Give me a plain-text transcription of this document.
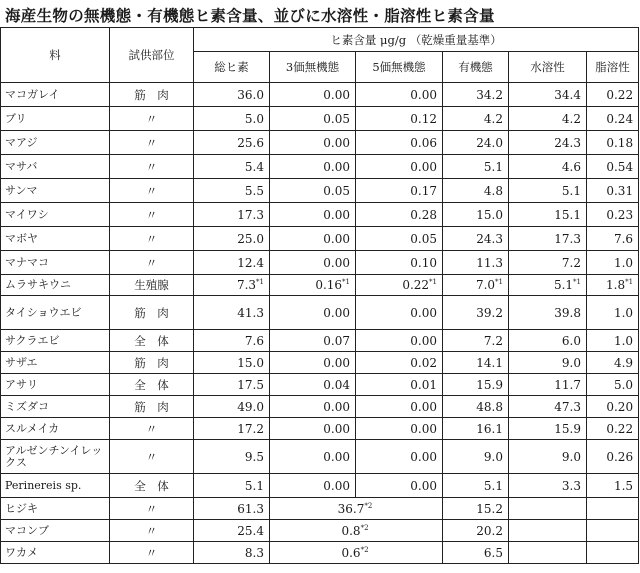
海産生物の無機態・有機態ヒ素含量、並びに水溶性・脂溶性ヒ素含量
料	試供部位	ヒ素含量 μg/g （乾燥重量基準）					
		総ヒ素	3価無機態	5価無機態	有機態	水溶性	脂溶性
マコガレイ	筋　肉	36.0	0.00	0.00	34.2	34.4	0.22
ブリ	〃	5.0	0.05	0.12	4.2	4.2	0.24
マアジ	〃	25.6	0.00	0.06	24.0	24.3	0.18
マサバ	〃	5.4	0.00	0.00	5.1	4.6	0.54
サンマ	〃	5.5	0.05	0.17	4.8	5.1	0.31
マイワシ	〃	17.3	0.00	0.28	15.0	15.1	0.23
マボヤ	〃	25.0	0.00	0.05	24.3	17.3	7.6
マナマコ	〃	12.4	0.00	0.10	11.3	7.2	1.0
ムラサキウニ	生殖腺	7.3$^{*1}$	0.16$^{*1}$	0.22$^{*1}$	7.0$^{*1}$	5.1$^{*1}$	1.8$^{*1}$
タイショウエビ	筋　肉	41.3	0.00	0.00	39.2	39.8	1.0
サクラエビ	全　体	7.6	0.07	0.00	7.2	6.0	1.0
サザエ	筋　肉	15.0	0.00	0.02	14.1	9.0	4.9
アサリ	全　体	17.5	0.04	0.01	15.9	11.7	5.0
ミズダコ	筋　肉	49.0	0.00	0.00	48.8	47.3	0.20
スルメイカ	〃	17.2	0.00	0.00	16.1	15.9	0.22
アルゼンチンイレックス	〃	9.5	0.00	0.00	9.0	9.0	0.26
Perinereis sp.	全　体	5.1	0.00	0.00	5.1	3.3	1.5
ヒジキ	〃	61.3	36.7$^{*2}$		15.2		
マコンブ	〃	25.4	0.8$^{*2}$		20.2		
ワカメ	〃	8.3	0.6$^{*2}$		6.5		
